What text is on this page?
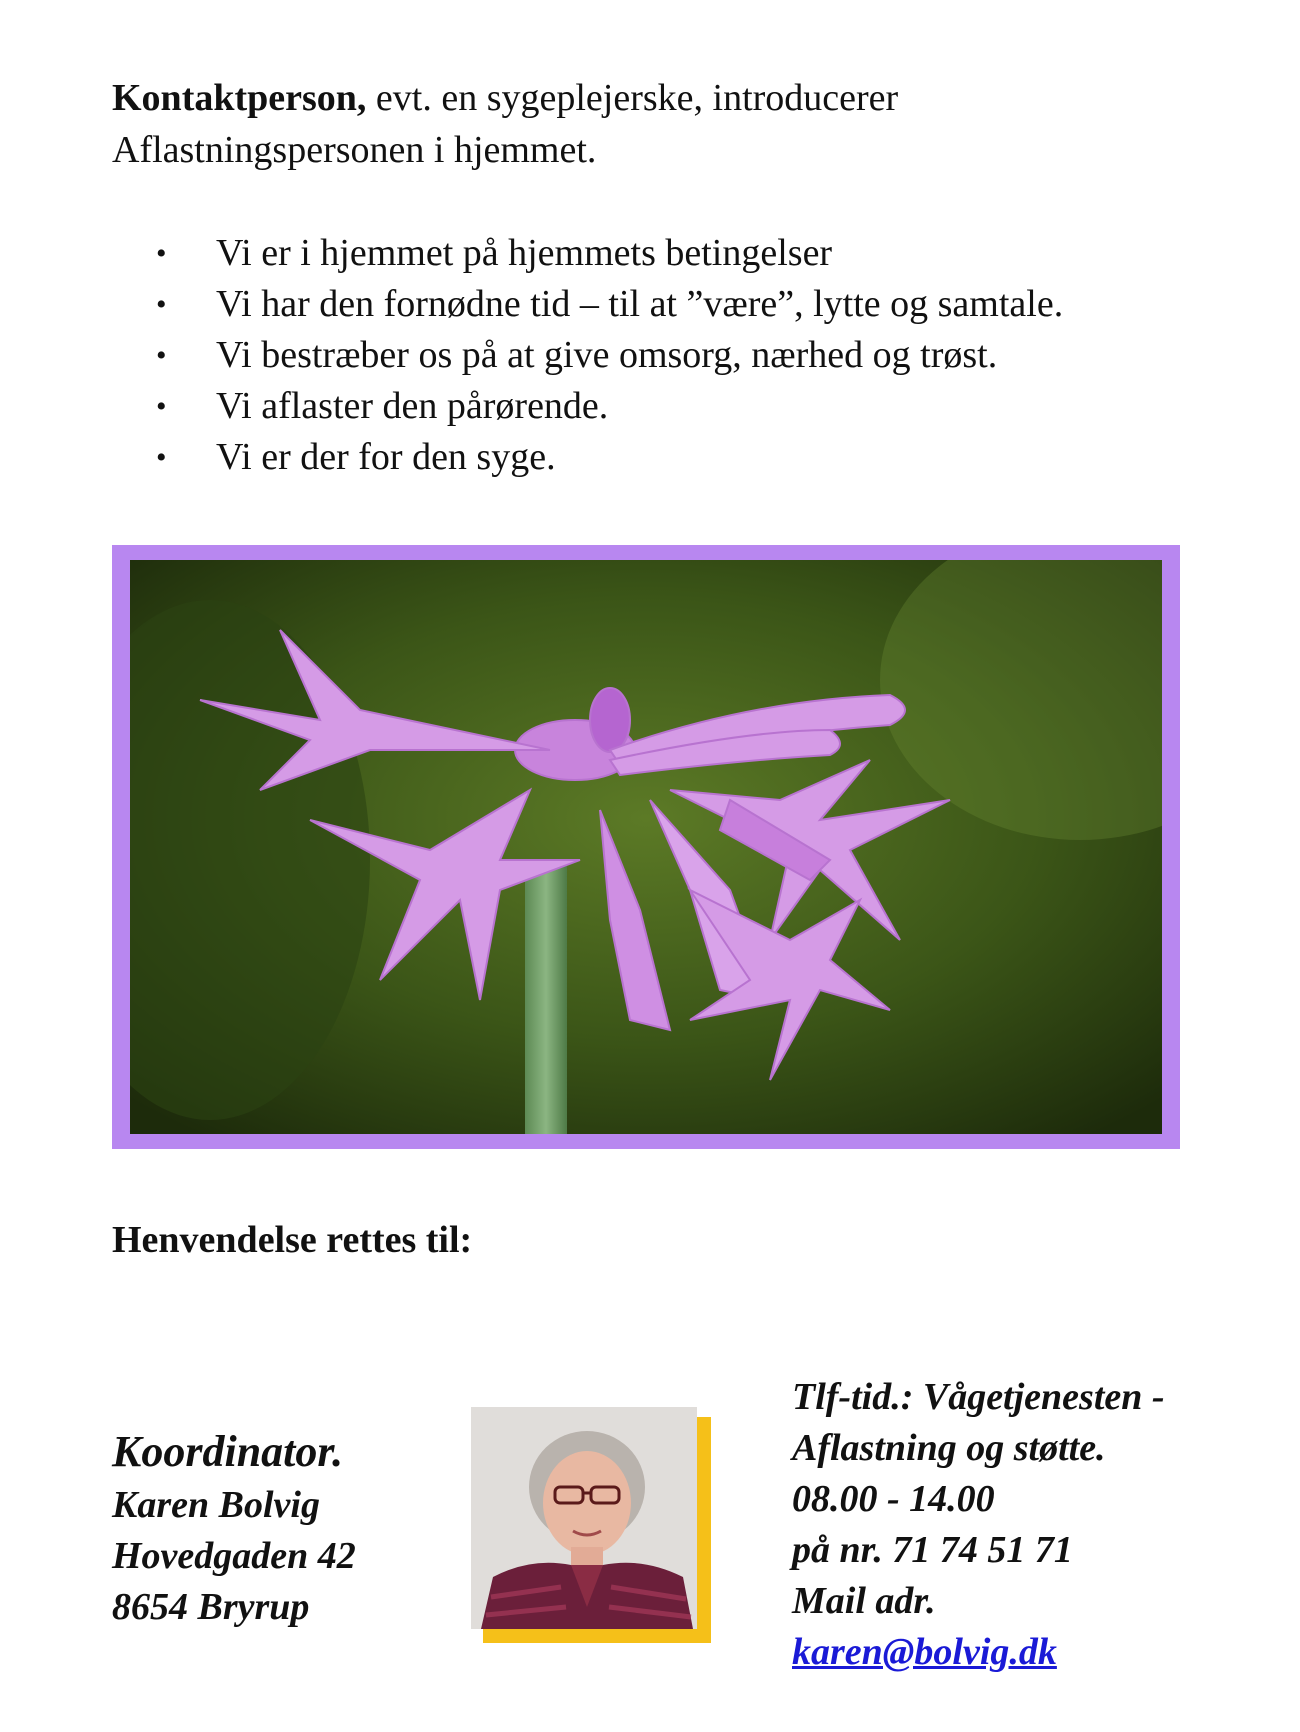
Kontaktperson, evt. en sygeplejerske, introducerer
Aflastningspersonen i hjemmet.
• Vi er i hjemmet på hjemmets betingelser
• Vi har den fornødne tid – til at ”være”, lytte og samtale.
• Vi bestræber os på at give omsorg, nærhed og trøst.
• Vi aflaster den pårørende.
• Vi er der for den syge.
Henvendelse rettes til:
Koordinator.
Karen Bolvig
Hovedgaden 42
8654 Bryrup
Tlf-tid.: Vågetjenesten -
Aflastning og støtte.
08.00 - 14.00
på nr. 71 74 51 71
Mail adr.
karen@bolvig.dk
